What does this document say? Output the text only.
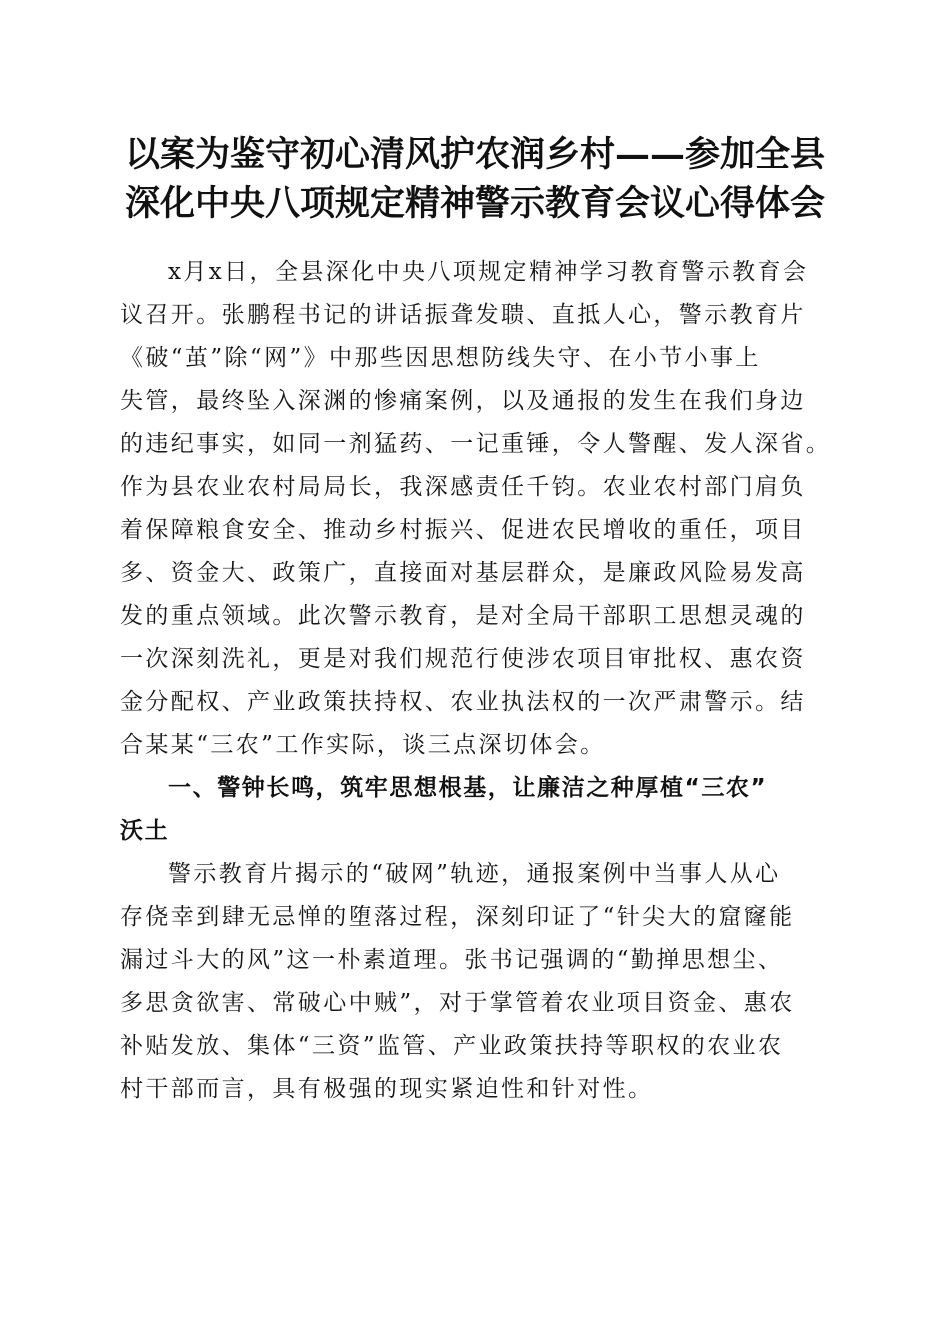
以案为鉴守初心清风护农润乡村——参加全县
深化中央八项规定精神警示教育会议心得体会
x月x日，全县深化中央八项规定精神学习教育警示教育会
议召开。张鹏程书记的讲话振聋发聩、直抵人心，警示教育片
《破“茧”除“网”》中那些因思想防线失守、在小节小事上
失管，最终坠入深渊的惨痛案例，以及通报的发生在我们身边
的违纪事实，如同一剂猛药、一记重锤，令人警醒、发人深省。
作为县农业农村局局长，我深感责任千钧。农业农村部门肩负
着保障粮食安全、推动乡村振兴、促进农民增收的重任，项目
多、资金大、政策广，直接面对基层群众，是廉政风险易发高
发的重点领域。此次警示教育，是对全局干部职工思想灵魂的
一次深刻洗礼，更是对我们规范行使涉农项目审批权、惠农资
金分配权、产业政策扶持权、农业执法权的一次严肃警示。结
合某某“三农”工作实际，谈三点深切体会。
一、警钟长鸣，筑牢思想根基，让廉洁之种厚植“三农”
沃土
警示教育片揭示的“破网”轨迹，通报案例中当事人从心
存侥幸到肆无忌惮的堕落过程，深刻印证了“针尖大的窟窿能
漏过斗大的风”这一朴素道理。张书记强调的“勤掸思想尘、
多思贪欲害、常破心中贼”，对于掌管着农业项目资金、惠农
补贴发放、集体“三资”监管、产业政策扶持等职权的农业农
村干部而言，具有极强的现实紧迫性和针对性。
